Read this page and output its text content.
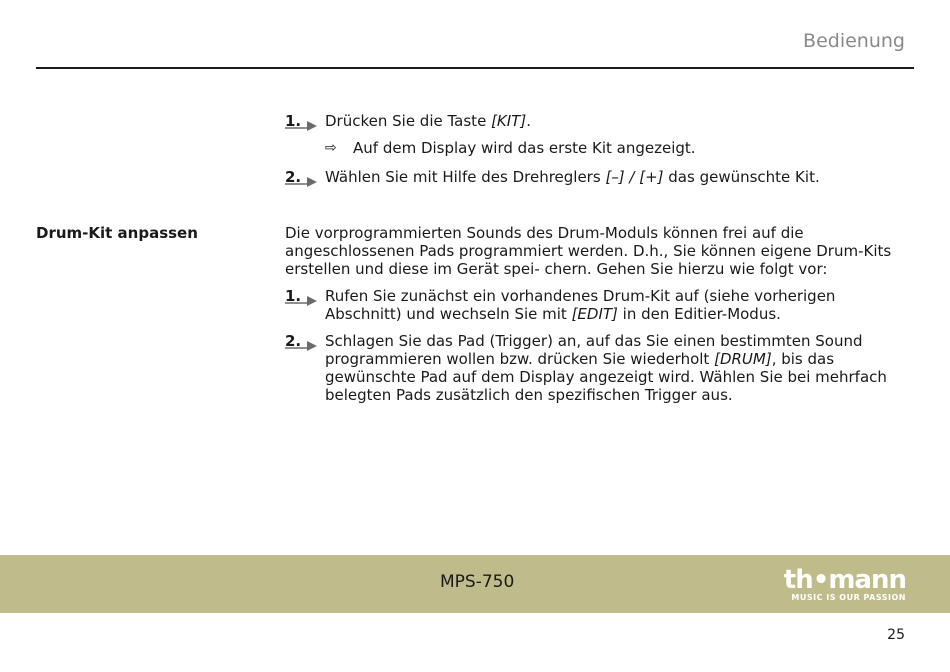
Bedienung
1. Drücken Sie die Taste [KIT].
⇨ Auf dem Display wird das erste Kit angezeigt.
2. Wählen Sie mit Hilfe des Drehreglers [–] / [+] das gewünschte Kit.
Drum-Kit anpassen	Die vorprogrammierten Sounds des Drum-Moduls können frei auf die angeschlossenen Pads programmiert werden. D.h., Sie können eigene Drum-Kits erstellen und diese im Gerät spei- chern. Gehen Sie hierzu wie folgt vor:
1. Rufen Sie zunächst ein vorhandenes Drum-Kit auf (siehe vorherigen Abschnitt) und wechseln Sie mit [EDIT] in den Editier-Modus.
2. Schlagen Sie das Pad (Trigger) an, auf das Sie einen bestimmten Sound programmieren wollen bzw. drücken Sie wiederholt [DRUM], bis das gewünschte Pad auf dem Display angezeigt wird. Wählen Sie bei mehrfach belegten Pads zusätzlich den spezifischen Trigger aus.
MPS-750	th•mann
MUSIC IS OUR PASSION
25
